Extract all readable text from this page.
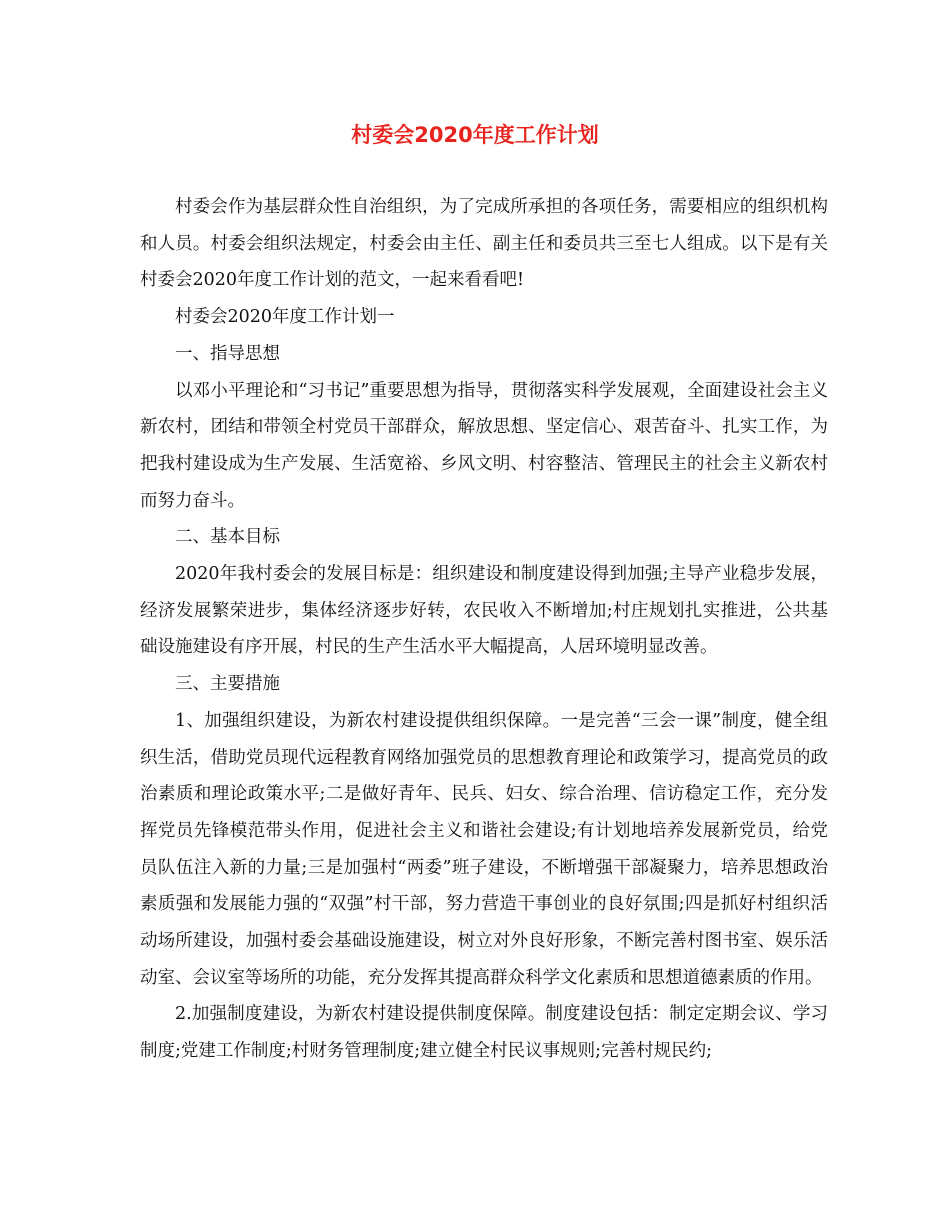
村委会2020年度工作计划

村委会作为基层群众性自治组织，为了完成所承担的各项任务，需要相应的组织机构和人员。村委会组织法规定，村委会由主任、副主任和委员共三至七人组成。以下是有关村委会2020年度工作计划的范文，一起来看看吧!

村委会2020年度工作计划一

一、指导思想

以邓小平理论和“习书记”重要思想为指导，贯彻落实科学发展观，全面建设社会主义新农村，团结和带领全村党员干部群众，解放思想、坚定信心、艰苦奋斗、扎实工作，为把我村建设成为生产发展、生活宽裕、乡风文明、村容整洁、管理民主的社会主义新农村而努力奋斗。

二、基本目标

2020年我村委会的发展目标是：组织建设和制度建设得到加强;主导产业稳步发展，经济发展繁荣进步，集体经济逐步好转，农民收入不断增加;村庄规划扎实推进，公共基础设施建设有序开展，村民的生产生活水平大幅提高，人居环境明显改善。

三、主要措施

1、加强组织建设，为新农村建设提供组织保障。一是完善“三会一课”制度，健全组织生活，借助党员现代远程教育网络加强党员的思想教育理论和政策学习，提高党员的政治素质和理论政策水平;二是做好青年、民兵、妇女、综合治理、信访稳定工作，充分发挥党员先锋模范带头作用，促进社会主义和谐社会建设;有计划地培养发展新党员，给党员队伍注入新的力量;三是加强村“两委”班子建设，不断增强干部凝聚力，培养思想政治素质强和发展能力强的“双强”村干部，努力营造干事创业的良好氛围;四是抓好村组织活动场所建设，加强村委会基础设施建设，树立对外良好形象，不断完善村图书室、娱乐活动室、会议室等场所的功能，充分发挥其提高群众科学文化素质和思想道德素质的作用。

2.加强制度建设，为新农村建设提供制度保障。制度建设包括：制定定期会议、学习制度;党建工作制度;村财务管理制度;建立健全村民议事规则;完善村规民约;
